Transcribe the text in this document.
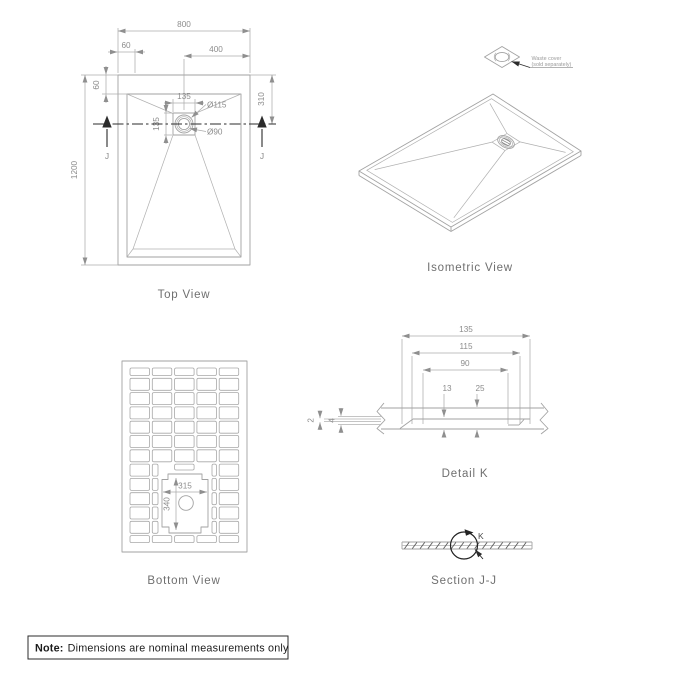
800
60	400
60
1200
310
135
135
Ø115
Ø90
J	J
Top View
Waste cover
(sold separately)
Isometric View
315
340
Bottom View
135
115
90
13	25
2 4
Detail K
K
Section J-J
Note: Dimensions are nominal measurements only
